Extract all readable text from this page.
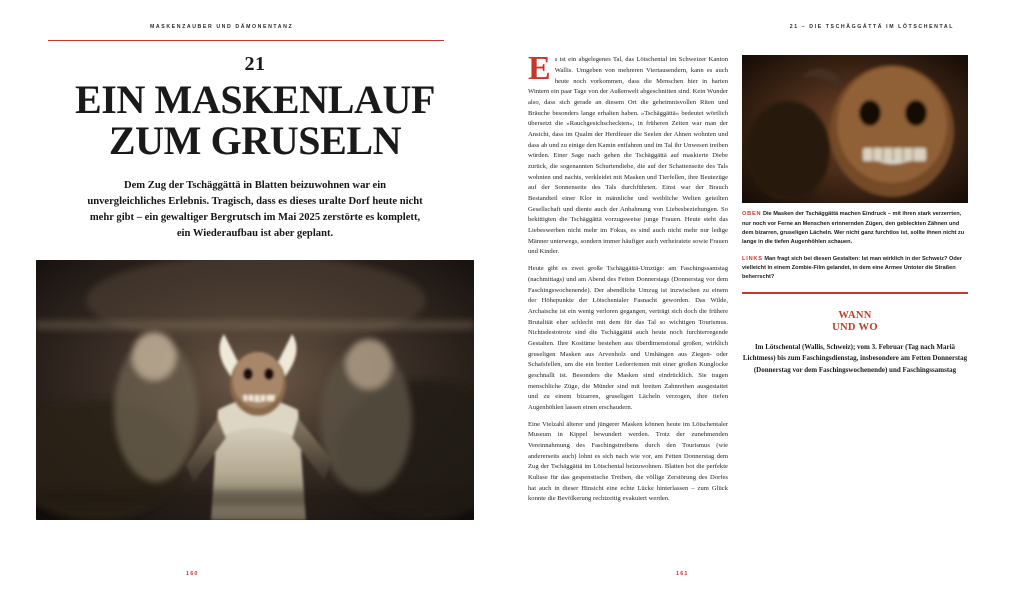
MASKENZAUBER UND DÄMONENTANZ
21
EIN MASKENLAUF
ZUM GRUSELN
Dem Zug der Tschäggättä in Blatten beizuwohnen war ein unvergleichliches Erlebnis. Tragisch, dass es dieses uralte Dorf heute nicht mehr gibt – ein gewaltiger Bergrutsch im Mai 2025 zerstörte es komplett, ein Wiederaufbau ist aber geplant.
160
21 – DIE TSCHÄGGÄTTÄ IM LÖTSCHENTAL

E s ist ein abgelegenes Tal, das Lötschental im Schweizer Kanton Wallis. Umgeben von mehreren Viertausendern, kann es auch heute noch vorkommen, dass die Menschen hier in harten Wintern ein paar Tage von der Außenwelt abgeschnitten sind. Kein Wunder also, dass sich gerade an diesem Ort die geheimnisvollen Riten und Bräuche besonders lange erhalten haben. »Tschäggättä« bedeutet wörtlich übersetzt die »Rauchgesichscheckten«, in früheren Zeiten war man der Ansicht, dass im Qualm der Herdfeuer die Seelen der Ahnen wohnten und dass ab und zu einige den Kamin entfahren und im Tal ihr Unwesen treiben würden. Einer Sage nach gehen die Tschäggättä auf maskierte Diebe zurück, die sogenannten Schurtendiebe, die auf der Schattenseite des Tals wohnten und nachts, verkleidet mit Masken und Tierfellen, ihre Beutezüge auf der Sonnenseite des Tals durchführten. Einst war der Brauch Bestandteil einer Klor in männliche und weibliche Welten geteilten Gesellschaft und diente auch der Anbahnung von Liebesbeziehungen. So bekittigten die Tschäggättä vorzugsweise junge Frauen. Heute steht das Liebeswerben nicht mehr im Fokus, es sind auch nicht mehr nur ledige Männer unterwegs, sondern immer häufiger auch verheiratete sowie Frauen und Kinder.

Heute gibt es zwei große Tschäggättä-Umzüge: am Faschingssamstag (nachmittags) und am Abend des Fetten Donnerstags (Donnerstag vor dem Faschingswochenende). Der abendliche Umzug ist inzwischen zu einem der Höhepunkte der Lötschentaler Fasnacht geworden. Das Wilde, Archaische ist ein wenig verloren gegangen, verträgt sich doch die frühere Brutalität eher schlecht mit dem für das Tal so wichtigen Tourismus. Nichtsdestotrotz sind die Tschäggättä auch heute noch furchterregende Gestalten. Ihre Kostüme bestehen aus überdimensional großen, wirklich gruseligen Masken aus Arvenholz und Umhängen aus Ziegen- oder Schafsfellen, um die ein breiter Ledorriemen mit einer großen Kunglocke geschnallt ist. Besonders die Masken sind eindrücklich. Sie tragen menschliche Züge, die Münder sind mit breiten Zahnreihen ausgestattet und zu einem bizarren, gruseligen Lächeln verzogen, ihre tiefen Augenhöhlen lassen einen erschaudern.

Eine Vielzahl älterer und jüngerer Masken können heute im Lötschentaler Museum in Kippel bewundert werden. Trotz der zunehmenden Vereinnahmung des Faschingstreibens durch den Tourismus (wie andererseits auch) lohnt es sich nach wie vor, am Fetten Donnerstag dem Zug der Tschäggättä im Lötschental beizuwohnen. Blatten bot die perfekte Kulisse für das gespenstische Treiben, die völlige Zerstörung des Dorfes hat auch in dieser Hinsicht eine echte Lücke hinterlassen – zum Glück konnte die Bevölkerung rechtzeitig evakuiert werden.

OBEN Die Masken der Tschäggättä machen Eindruck – mit ihren stark verzerrten, nur noch vor Ferne an Menschen erinnernden Zügen, den gebleckten Zähnen und dem bizarren, gruseligen Lächeln. Wer nicht ganz furchtlos ist, sollte ihnen nicht zu lange in die tiefen Augenhöhlen schauen.
LINKS Man fragt sich bei diesen Gestalten: Ist man wirklich in der Schweiz? Oder vielleicht in einem Zombie-Film gelandet, in dem eine Armee Untoter die Straßen beherrscht?
WANN
UND WO
Im Lötschental (Wallis, Schweiz); vom 3. Februar (Tag nach Mariä Lichtmess) bis zum Faschingsdienstag, insbesondere am Fetten Donnerstag (Donnerstag vor dem Faschingswochenende) und Faschingssamstag
161
